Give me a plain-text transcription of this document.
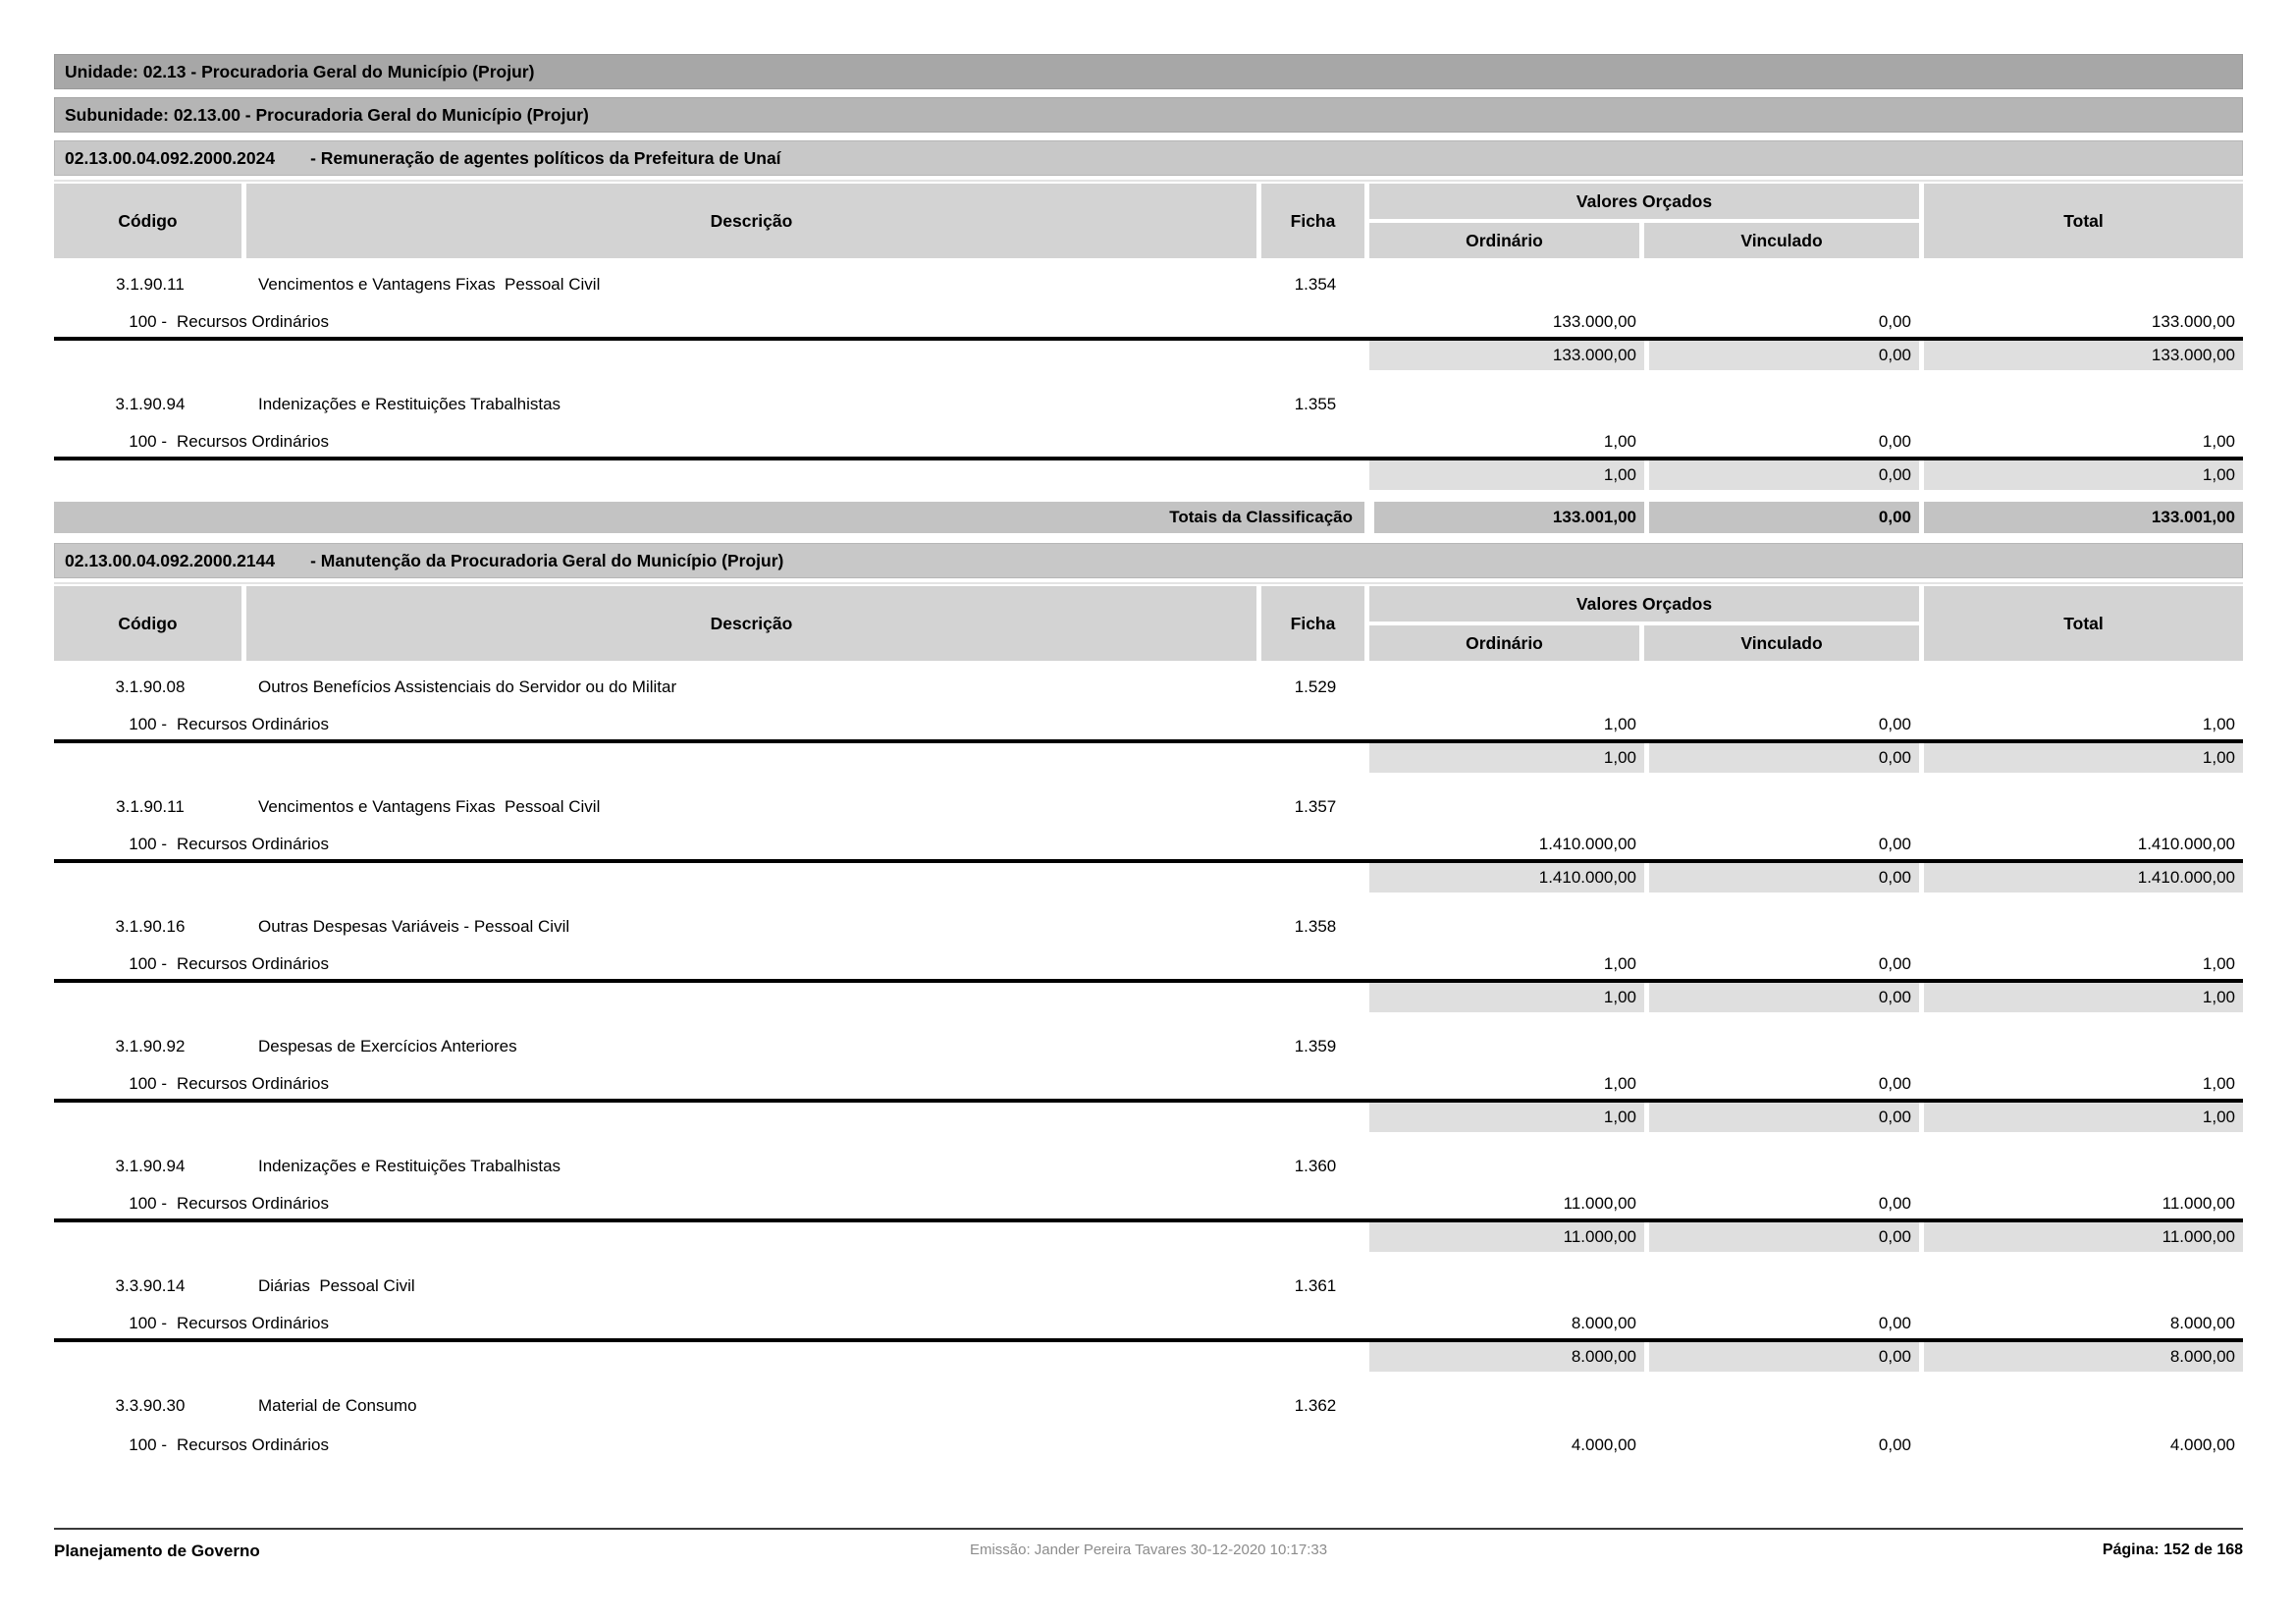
Unidade: 02.13 - Procuradoria Geral do Município (Projur)
Subunidade: 02.13.00 - Procuradoria Geral do Município (Projur)
02.13.00.04.092.2000.2024 - Remuneração de agentes políticos da Prefeitura de Unaí
Código	Descrição	Ficha
Valores Orçados
Ordinário	Vinculado
Total
3.1.90.11	Vencimentos e Vantagens Fixas  Pessoal Civil	1.354
100 - Recursos Ordinários	133.000,00	0,00	133.000,00
133.000,00	0,00	133.000,00
3.1.90.94	Indenizações e Restituições Trabalhistas	1.355
100 - Recursos Ordinários	1,00	0,00	1,00
1,00	0,00	1,00
Totais da Classificação	133.001,00	0,00	133.001,00
02.13.00.04.092.2000.2144 - Manutenção da Procuradoria Geral do Município (Projur)
Código	Descrição	Ficha
Valores Orçados
Ordinário	Vinculado
Total
3.1.90.08	Outros Benefícios Assistenciais do Servidor ou do Militar	1.529
100 - Recursos Ordinários	1,00	0,00	1,00
1,00	0,00	1,00
3.1.90.11	Vencimentos e Vantagens Fixas  Pessoal Civil	1.357
100 - Recursos Ordinários	1.410.000,00	0,00	1.410.000,00
1.410.000,00	0,00	1.410.000,00
3.1.90.16	Outras Despesas Variáveis - Pessoal Civil	1.358
100 - Recursos Ordinários	1,00	0,00	1,00
1,00	0,00	1,00
3.1.90.92	Despesas de Exercícios Anteriores	1.359
100 - Recursos Ordinários	1,00	0,00	1,00
1,00	0,00	1,00
3.1.90.94	Indenizações e Restituições Trabalhistas	1.360
100 - Recursos Ordinários	11.000,00	0,00	11.000,00
11.000,00	0,00	11.000,00
3.3.90.14	Diárias  Pessoal Civil	1.361
100 - Recursos Ordinários	8.000,00	0,00	8.000,00
8.000,00	0,00	8.000,00
3.3.90.30	Material de Consumo	1.362
100 - Recursos Ordinários	4.000,00	0,00	4.000,00
Planejamento de Governo	Emissão: Jander Pereira Tavares 30-12-2020 10:17:33	Página: 152 de 168
